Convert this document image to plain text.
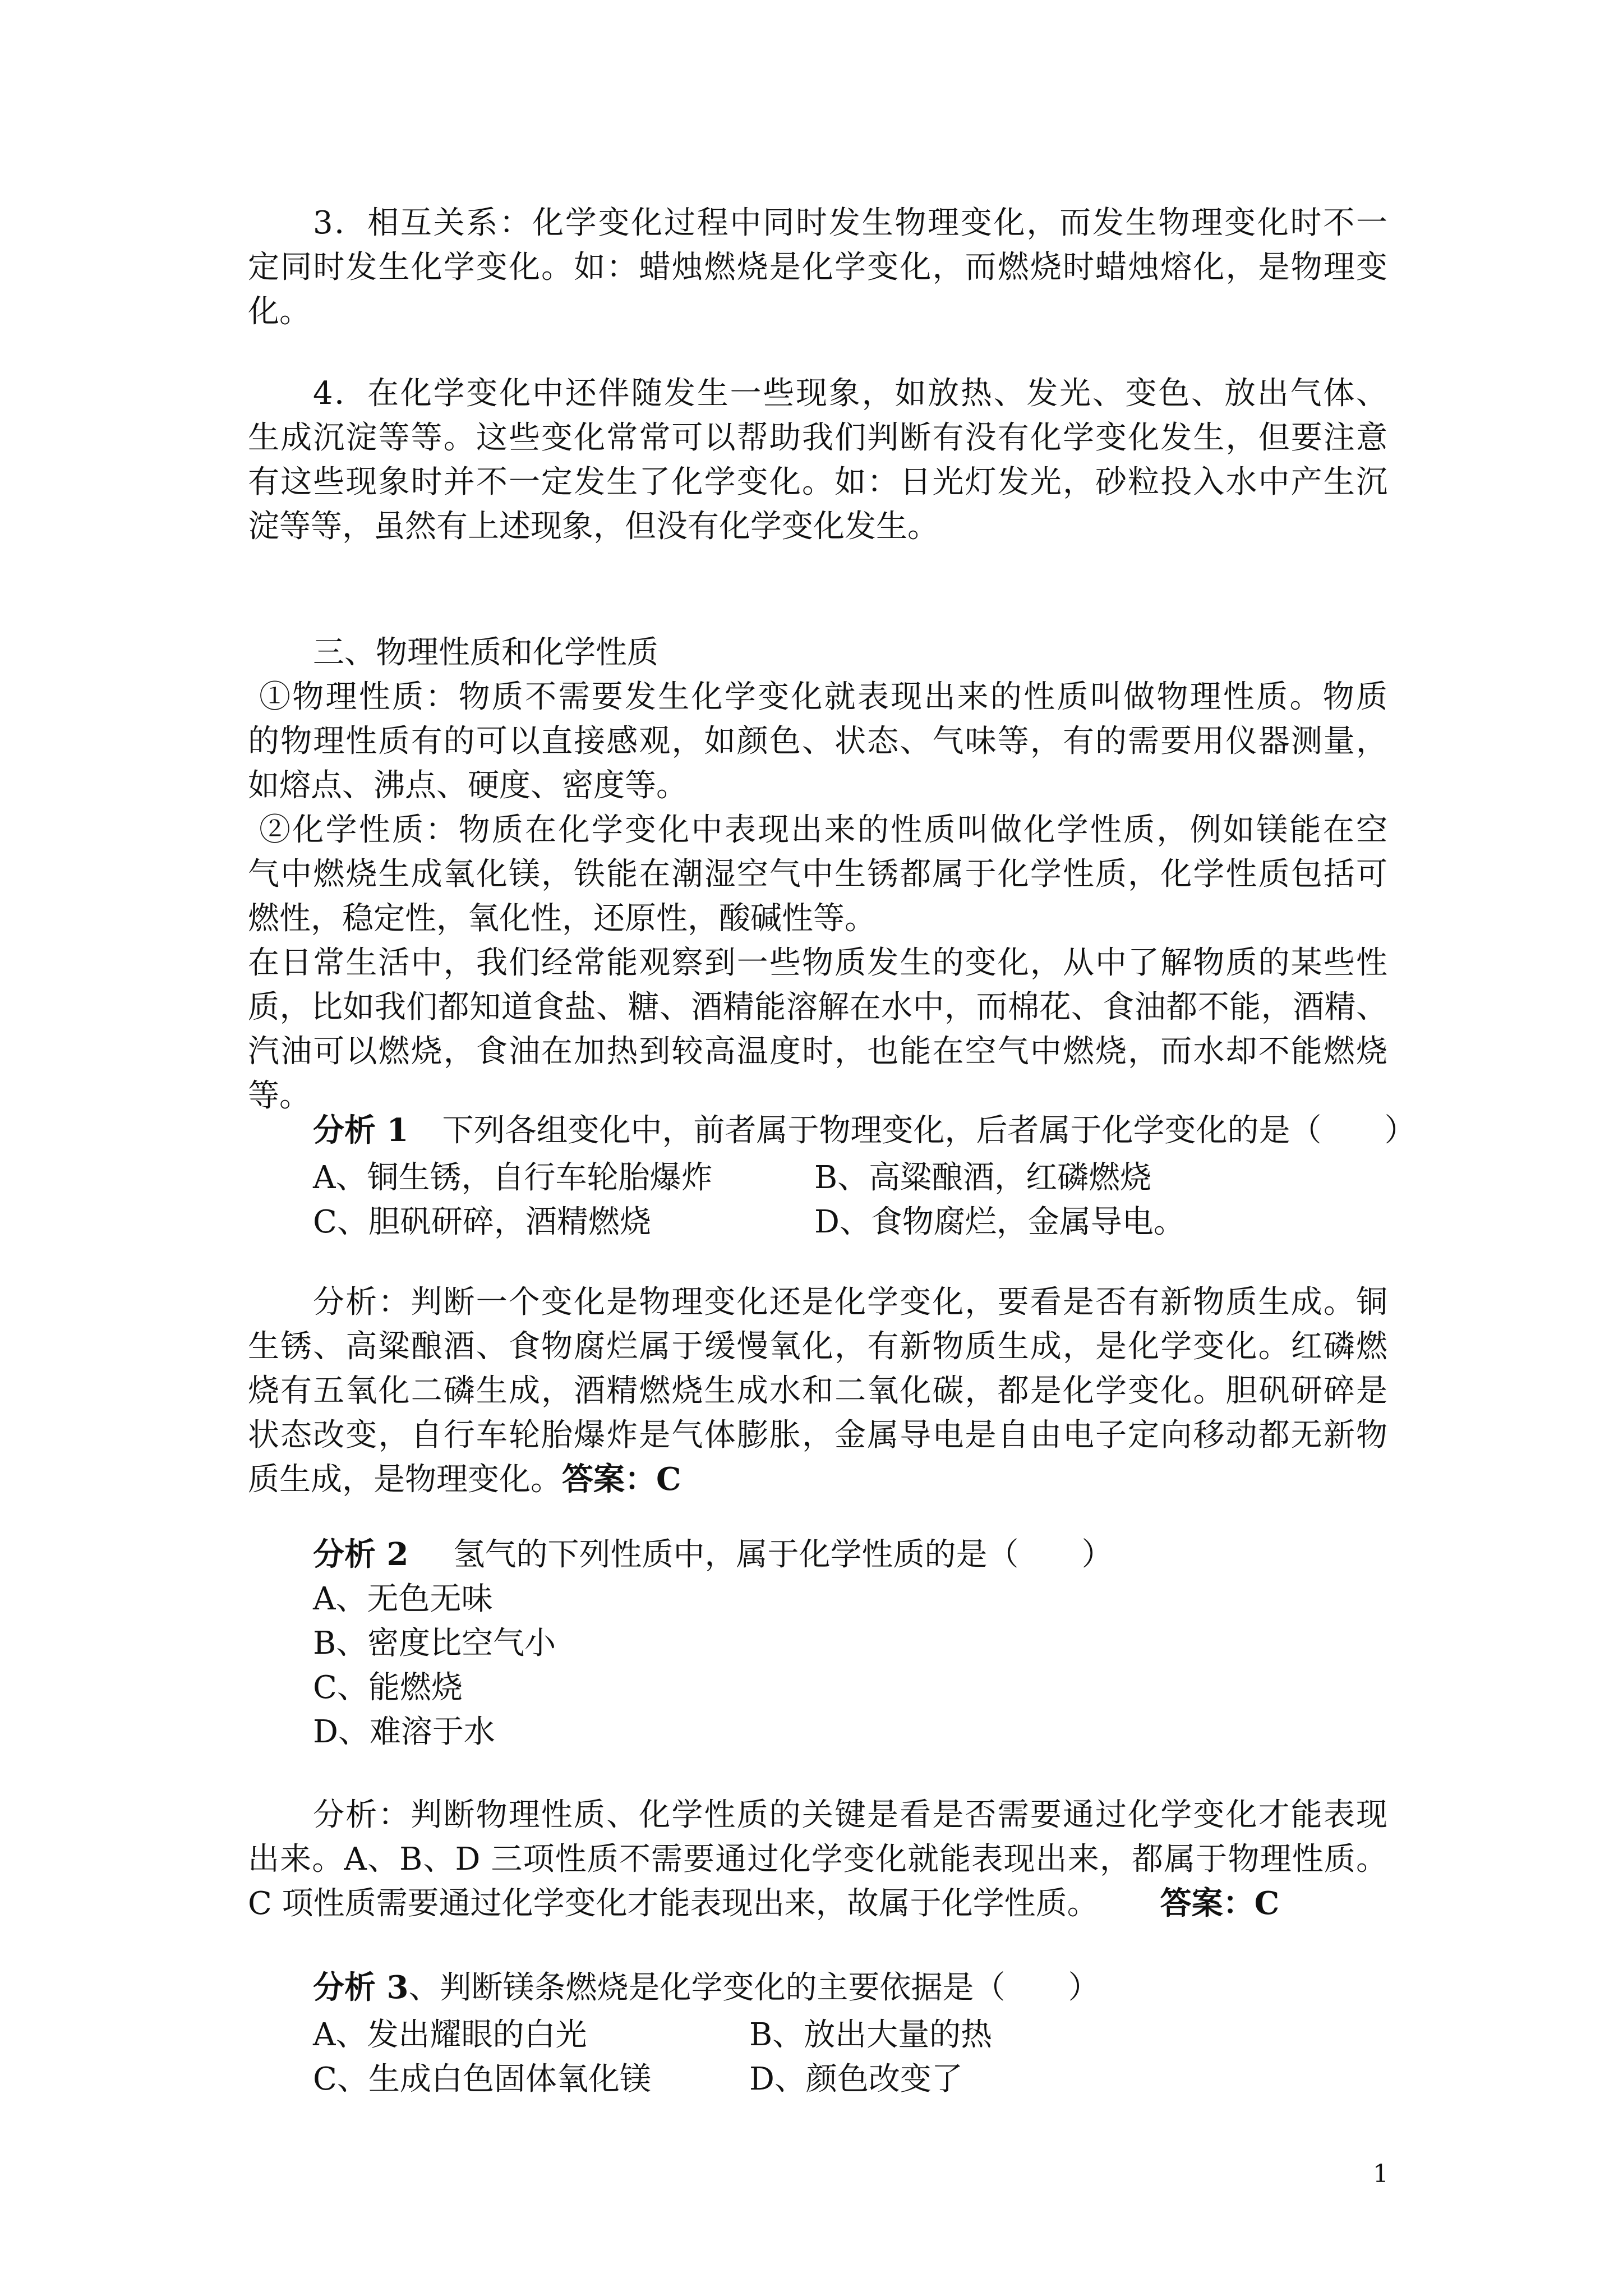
3．相互关系：化学变化过程中同时发生物理变化，而发生物理变化时不一
定同时发生化学变化。如：蜡烛燃烧是化学变化，而燃烧时蜡烛熔化，是物理变
化。
4．在化学变化中还伴随发生一些现象，如放热、发光、变色、放出气体、
生成沉淀等等。这些变化常常可以帮助我们判断有没有化学变化发生，但要注意
有这些现象时并不一定发生了化学变化。如：日光灯发光，砂粒投入水中产生沉
淀等等，虽然有上述现象，但没有化学变化发生。
三、物理性质和化学性质
①物理性质：物质不需要发生化学变化就表现出来的性质叫做物理性质。物质
的物理性质有的可以直接感观，如颜色、状态、气味等，有的需要用仪器测量，
如熔点、沸点、硬度、密度等。
②化学性质：物质在化学变化中表现出来的性质叫做化学性质，例如镁能在空
气中燃烧生成氧化镁，铁能在潮湿空气中生锈都属于化学性质，化学性质包括可
燃性，稳定性，氧化性，还原性，酸碱性等。
在日常生活中，我们经常能观察到一些物质发生的变化，从中了解物质的某些性
质，比如我们都知道食盐、糖、酒精能溶解在水中，而棉花、食油都不能，酒精、
汽油可以燃烧，食油在加热到较高温度时，也能在空气中燃烧，而水却不能燃烧
等。
分析 1 下列各组变化中，前者属于物理变化，后者属于化学变化的是（　　）
A、铜生锈，自行车轮胎爆炸	B、高粱酿酒，红磷燃烧
C、胆矾研碎，酒精燃烧	D、食物腐烂，金属导电。
分析：判断一个变化是物理变化还是化学变化，要看是否有新物质生成。铜
生锈、高粱酿酒、食物腐烂属于缓慢氧化，有新物质生成，是化学变化。红磷燃
烧有五氧化二磷生成，酒精燃烧生成水和二氧化碳，都是化学变化。胆矾研碎是
状态改变，自行车轮胎爆炸是气体膨胀，金属导电是自由电子定向移动都无新物
质生成，是物理变化。答案：C
分析 2 氢气的下列性质中，属于化学性质的是（　　）
A、无色无味
B、密度比空气小
C、能燃烧
D、难溶于水
分析：判断物理性质、化学性质的关键是看是否需要通过化学变化才能表现
出来。A、B、D 三项性质不需要通过化学变化就能表现出来，都属于物理性质。
C 项性质需要通过化学变化才能表现出来，故属于化学性质。 答案：C
分析 3、判断镁条燃烧是化学变化的主要依据是（　　）
A、发出耀眼的白光	B、放出大量的热
C、生成白色固体氧化镁	D、颜色改变了
1
